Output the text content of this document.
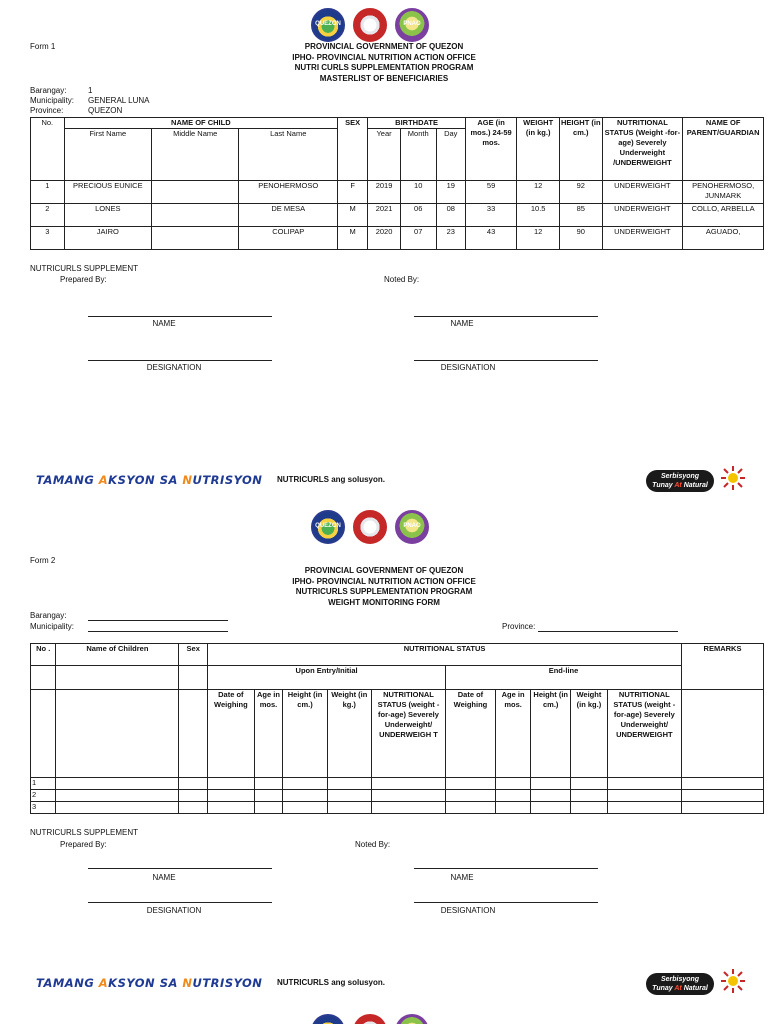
QUEZON	PNAO
Form 1	PROVINCIAL GOVERNMENT OF QUEZON
IPHO- PROVINCIAL NUTRITION ACTION OFFICE
NUTRI CURLS SUPPLEMENTATION PROGRAM
MASTERLIST OF BENEFICIARIES
Barangay:	1
Municipality: GENERAL LUNA
Province:	QUEZON
No.	NAME OF CHILD			SEX	BIRTHDATE			AGE (in mos.) 24-59 mos.	WEIGHT (in kg.)	HEIGHT (in cm.)	NUTRITIONAL STATUS (Weight -for-age) Severely Underweight /UNDERWEIGHT	NAME OF PARENT/GUARDIAN
	First Name	Middle Name	Last Name		Year	Month	Day					
1	PRECIOUS EUNICE		PENOHERMOSO	F	2019	10	19	59	12	92	UNDERWEIGHT	PENOHERMOSO, JUNMARK
2	LONES		DE MESA	M	2021	06	08	33	10.5	85	UNDERWEIGHT	COLLO, ARBELLA
3	JAIRO		COLIPAP	M	2020	07	23	43	12	90	UNDERWEIGHT	AGUADO,
NUTRICURLS SUPPLEMENT
Prepared By:	Noted By:
NAME	NAME
DESIGNATION	DESIGNATION
TAMANG AKSYON SA NUTRISYON NUTRICURLS ang solusyon.	Serbisyong
Tunay At Natural
QUEZON	PNAO
Form 2
PROVINCIAL GOVERNMENT OF QUEZON
IPHO- PROVINCIAL NUTRITION ACTION OFFICE
NUTRICURLS SUPPLEMENTATION PROGRAM
WEIGHT MONITORING FORM
Barangay:
Municipality:	Province:
No .	Name of Children	Sex	NUTRITIONAL STATUS										REMARKS
			Upon Entry/Initial					End-line					
			Date of Weighing	Age in mos.	Height (in cm.)	Weight (in kg.)	NUTRITIONAL STATUS (weight -for-age) Severely Underweight/ UNDERWEIGH T	Date of Weighing	Age in mos.	Height (in cm.)	Weight (in kg.)	NUTRITIONAL STATUS (weight -for-age) Severely Underweight/ UNDERWEIGHT	
1													
2													
3													
NUTRICURLS SUPPLEMENT
Prepared By:	Noted By:
NAME	NAME
DESIGNATION	DESIGNATION
TAMANG AKSYON SA NUTRISYON NUTRICURLS ang solusyon.	Serbisyong
Tunay At Natural
